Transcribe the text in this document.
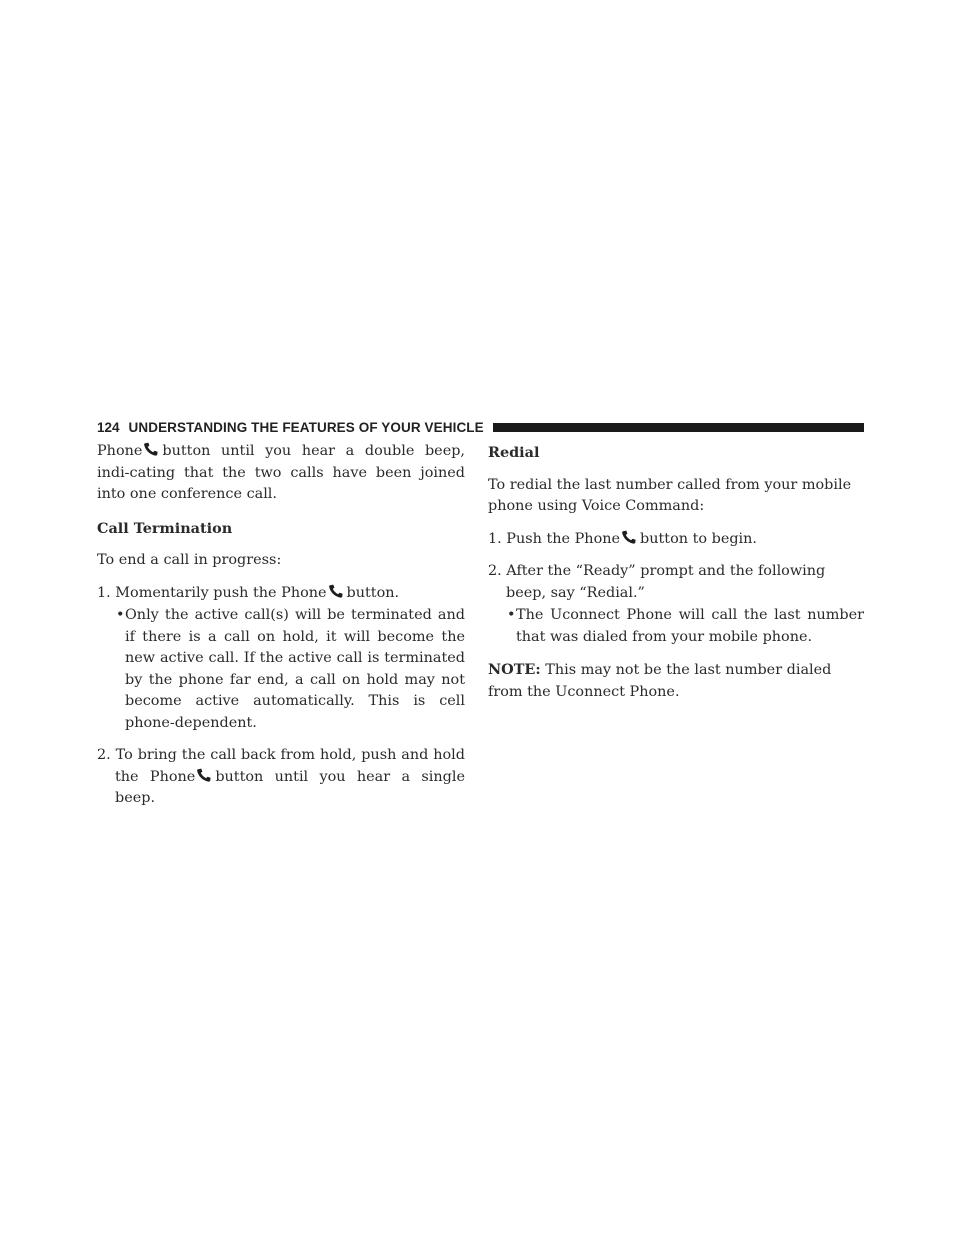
124 UNDERSTANDING THE FEATURES OF YOUR VEHICLE

Phone button until you hear a double beep, indi-cating that the two calls have been joined into one conference call.

Call Termination

To end a call in progress:

1. Momentarily push the Phone button.

• Only the active call(s) will be terminated and if there is a call on hold, it will become the new active call. If the active call is terminated by the phone far end, a call on hold may not become active automatically. This is cell phone-dependent.

2. To bring the call back from hold, push and hold the Phone button until you hear a single beep.

Redial

To redial the last number called from your mobile phone using Voice Command:

1. Push the Phone button to begin.

2. After the “Ready” prompt and the following beep, say “Redial.”

• The Uconnect Phone will call the last number that was dialed from your mobile phone.

NOTE: This may not be the last number dialed from the Uconnect Phone.
